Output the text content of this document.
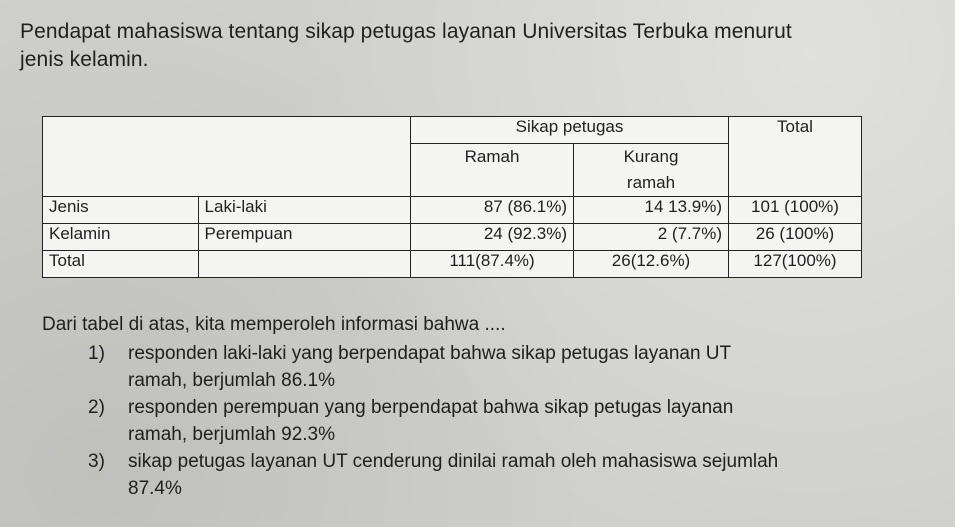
Pendapat mahasiswa tentang sikap petugas layanan Universitas Terbuka menurut
jenis kelamin.
		Sikap petugas		Total
		Ramah	Kurang
ramah	

Jenis	Laki-laki	87 (86.1%)	14 13.9%)	101 (100%)
Kelamin	Perempuan	24 (92.3%)	2 (7.7%)	26 (100%)
Total		111(87.4%)	26(12.6%)	127(100%)
Dari tabel di atas, kita memperoleh informasi bahwa ....
1) responden laki-laki yang berpendapat bahwa sikap petugas layanan UT
ramah, berjumlah 86.1%
2) responden perempuan yang berpendapat bahwa sikap petugas layanan
ramah, berjumlah 92.3%
3) sikap petugas layanan UT cenderung dinilai ramah oleh mahasiswa sejumlah
87.4%
